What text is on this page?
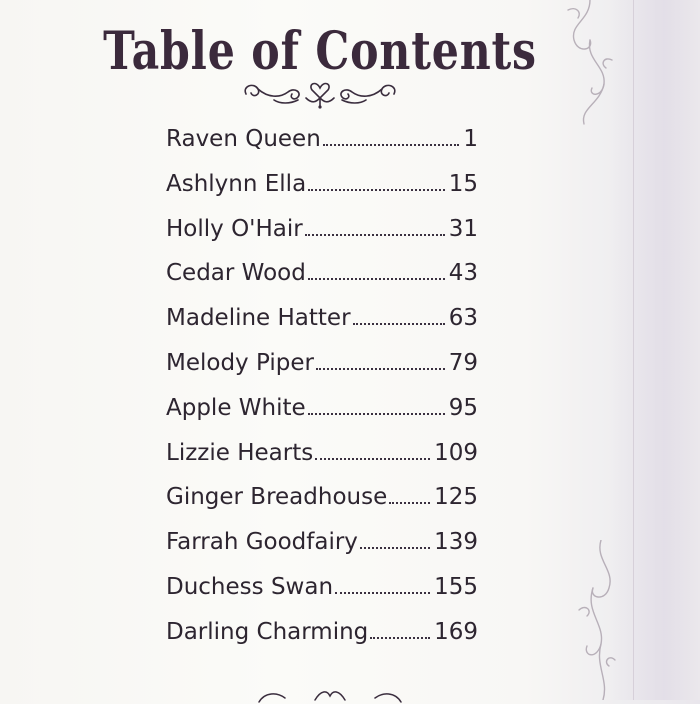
Table of Contents
Raven Queen	1
Ashlynn Ella	15
Holly O'Hair	31
Cedar Wood	43
Madeline Hatter	63
Melody Piper	79
Apple White	95
Lizzie Hearts	109
Ginger Breadhouse 125
Farrah Goodfairy	139
Duchess Swan	155
Darling Charming	169
